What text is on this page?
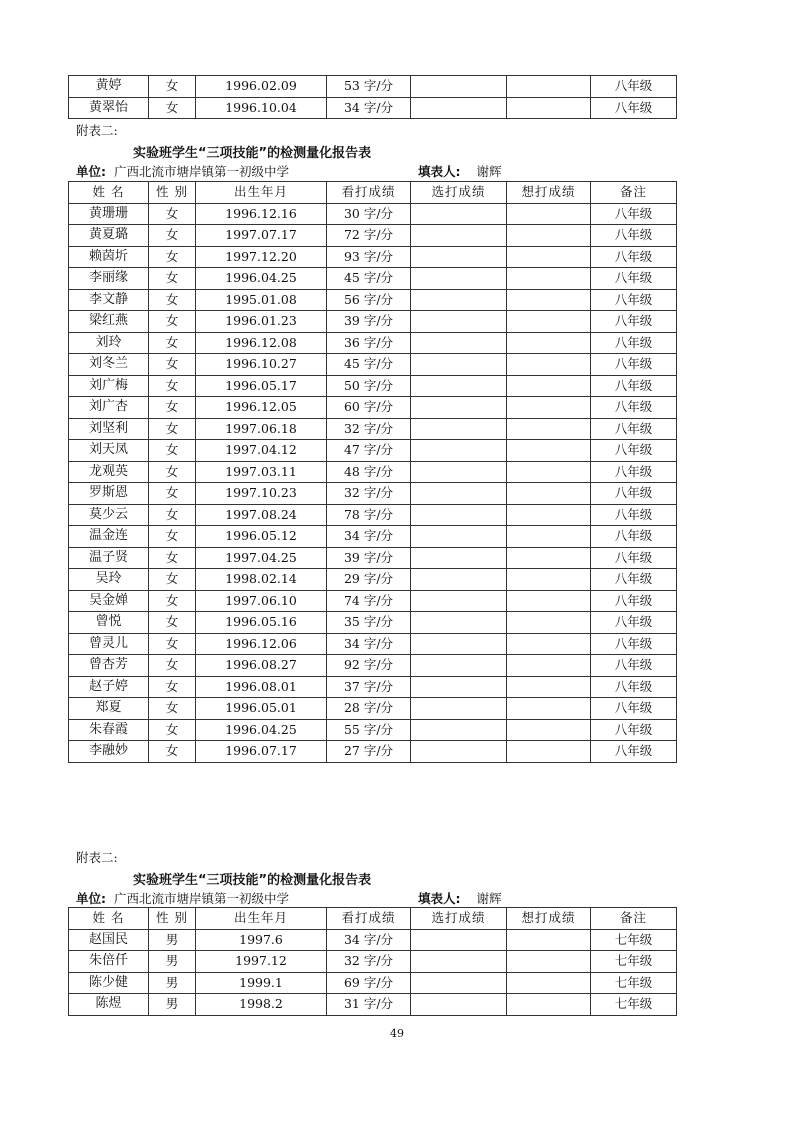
黄婷	女	1996.02.09	53 字/分			八年级
黄翠怡	女	1996.10.04	34 字/分			八年级
附表二:
实验班学生“三项技能”的检测量化报告表
单位: 广西北流市塘岸镇第一初级中学	填表人: 谢辉
姓 名	性 别	出生年月	看打成绩	选打成绩	想打成绩	备注
黄珊珊	女	1996.12.16	30 字/分			八年级
黄夏璐	女	1997.07.17	72 字/分			八年级
赖茵圻	女	1997.12.20	93 字/分			八年级
李丽缘	女	1996.04.25	45 字/分			八年级
李文静	女	1995.01.08	56 字/分			八年级
梁红燕	女	1996.01.23	39 字/分			八年级
刘玲	女	1996.12.08	36 字/分			八年级
刘冬兰	女	1996.10.27	45 字/分			八年级
刘广梅	女	1996.05.17	50 字/分			八年级
刘广杏	女	1996.12.05	60 字/分			八年级
刘坚利	女	1997.06.18	32 字/分			八年级
刘天凤	女	1997.04.12	47 字/分			八年级
龙观英	女	1997.03.11	48 字/分			八年级
罗斯恩	女	1997.10.23	32 字/分			八年级
莫少云	女	1997.08.24	78 字/分			八年级
温金连	女	1996.05.12	34 字/分			八年级
温子贤	女	1997.04.25	39 字/分			八年级
吴玲	女	1998.02.14	29 字/分			八年级
吴金婵	女	1997.06.10	74 字/分			八年级
曾悦	女	1996.05.16	35 字/分			八年级
曾灵儿	女	1996.12.06	34 字/分			八年级
曾杏芳	女	1996.08.27	92 字/分			八年级
赵子婷	女	1996.08.01	37 字/分			八年级
郑夏	女	1996.05.01	28 字/分			八年级
朱春霞	女	1996.04.25	55 字/分			八年级
李融妙	女	1996.07.17	27 字/分			八年级
附表二:
实验班学生“三项技能”的检测量化报告表
单位: 广西北流市塘岸镇第一初级中学	填表人: 谢辉
姓 名	性 别	出生年月	看打成绩	选打成绩	想打成绩	备注
赵国民	男	1997.6	34 字/分			七年级
朱倍仟	男	1997.12	32 字/分			七年级
陈少健	男	1999.1	69 字/分			七年级
陈煜	男	1998.2	31 字/分			七年级
49
